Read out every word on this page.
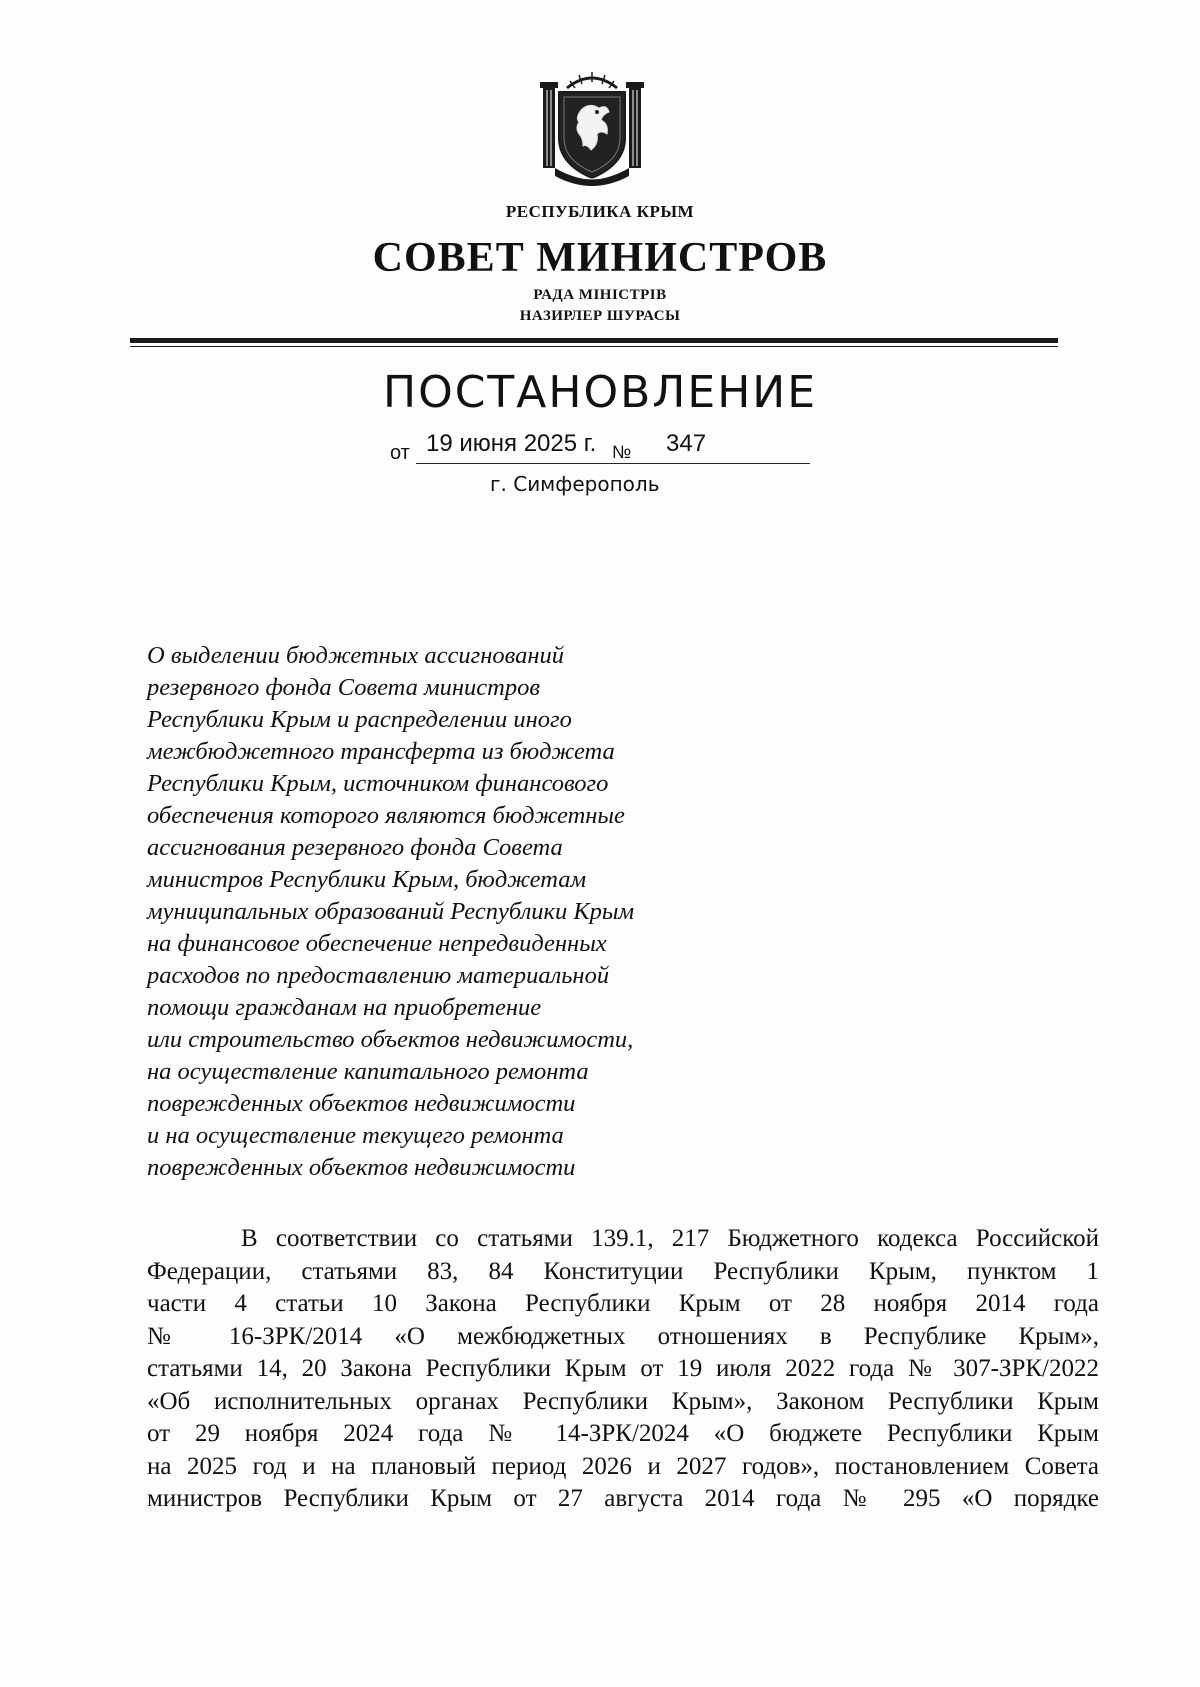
РЕСПУБЛИКА КРЫМ
СОВЕТ МИНИСТРОВ
РАДА МІНІСТРІВ
НАЗИРЛЕР ШУРАСЫ
ПОСТАНОВЛЕНИЕ
от 19 июня 2025 г. № 347
г. Симферополь
О выделении бюджетных ассигнований
резервного фонда Совета министров
Республики Крым и распределении иного
межбюджетного трансферта из бюджета
Республики Крым, источником финансового
обеспечения которого являются бюджетные
ассигнования резервного фонда Совета
министров Республики Крым, бюджетам
муниципальных образований Республики Крым
на финансовое обеспечение непредвиденных
расходов по предоставлению материальной
помощи гражданам на приобретение
или строительство объектов недвижимости,
на осуществление капитального ремонта
поврежденных объектов недвижимости
и на осуществление текущего ремонта
поврежденных объектов недвижимости
В соответствии со статьями 139.1, 217 Бюджетного кодекса Российской
Федерации, статьями 83, 84 Конституции Республики Крым, пунктом 1
части 4 статьи 10 Закона Республики Крым от 28 ноября 2014 года
№ 16-ЗРК/2014 «О межбюджетных отношениях в Республике Крым»,
статьями 14, 20 Закона Республики Крым от 19 июля 2022 года № 307-ЗРК/2022
«Об исполнительных органах Республики Крым», Законом Республики Крым
от 29 ноября 2024 года № 14-ЗРК/2024 «О бюджете Республики Крым
на 2025 год и на плановый период 2026 и 2027 годов», постановлением Совета
министров Республики Крым от 27 августа 2014 года № 295 «О порядке
